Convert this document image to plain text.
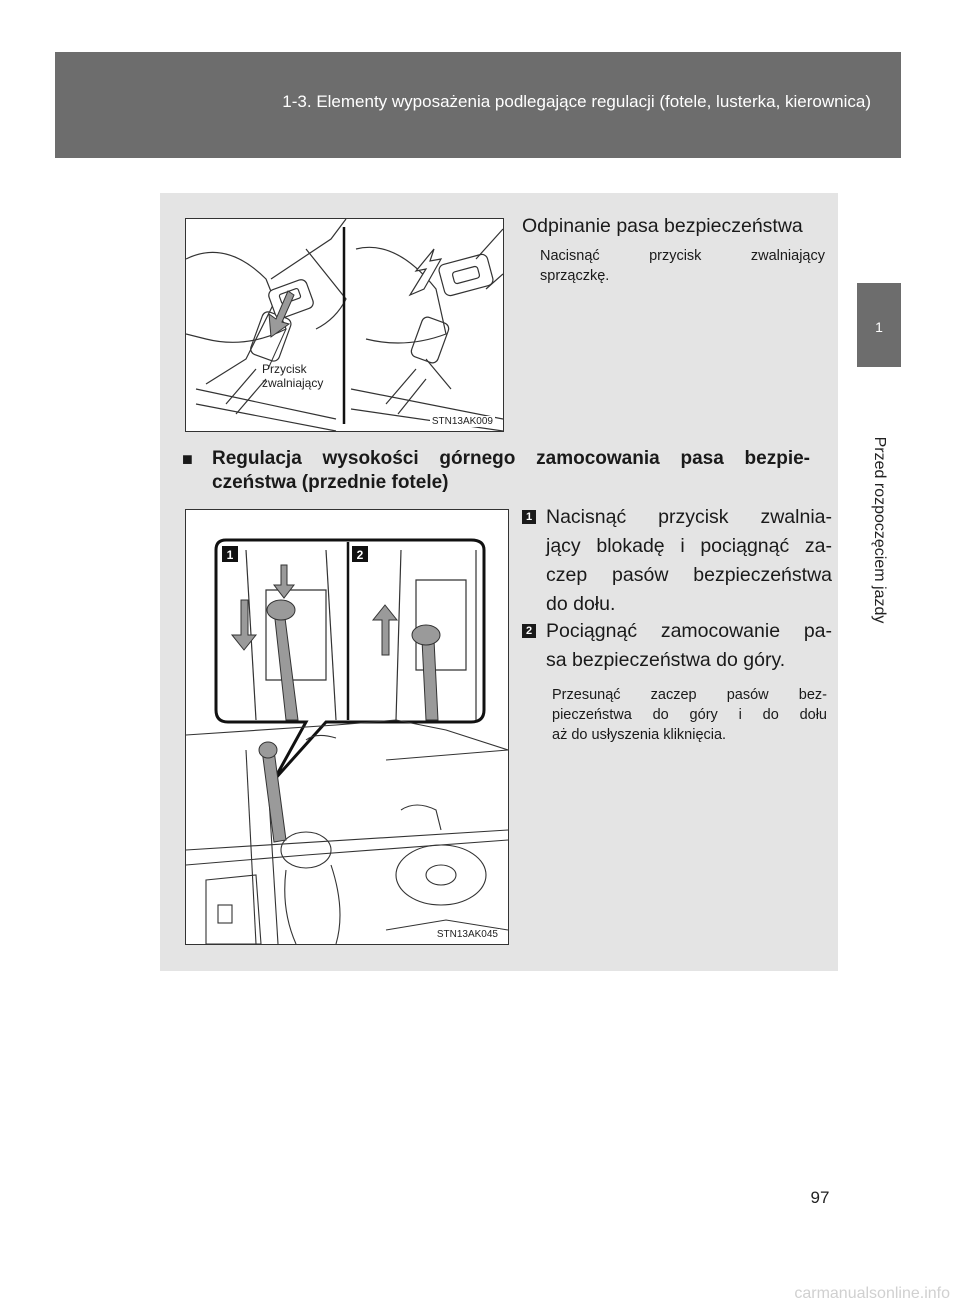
1-3. Elementy wyposażenia podlegające regulacji (fotele, lusterka, kierownica)
1
Przed rozpoczęciem jazdy
Przycisk
zwalniający
STN13AK009
Odpinanie pasa bezpieczeństwa
Nacisnąć przycisk zwalniający
sprzączkę.
■	Regulacja wysokości górnego zamocowania pasa bezpie-
czeństwa (przednie fotele)
1	2
STN13AK045
1 Nacisnąć przycisk zwalnia-
jący blokadę i pociągnąć za-
czep pasów bezpieczeństwa
do dołu.
2 Pociągnąć zamocowanie pa-
sa bezpieczeństwa do góry.
Przesunąć zaczep pasów bez-
pieczeństwa do góry i do dołu
aż do usłyszenia kliknięcia.
97
carmanualsonline.info
